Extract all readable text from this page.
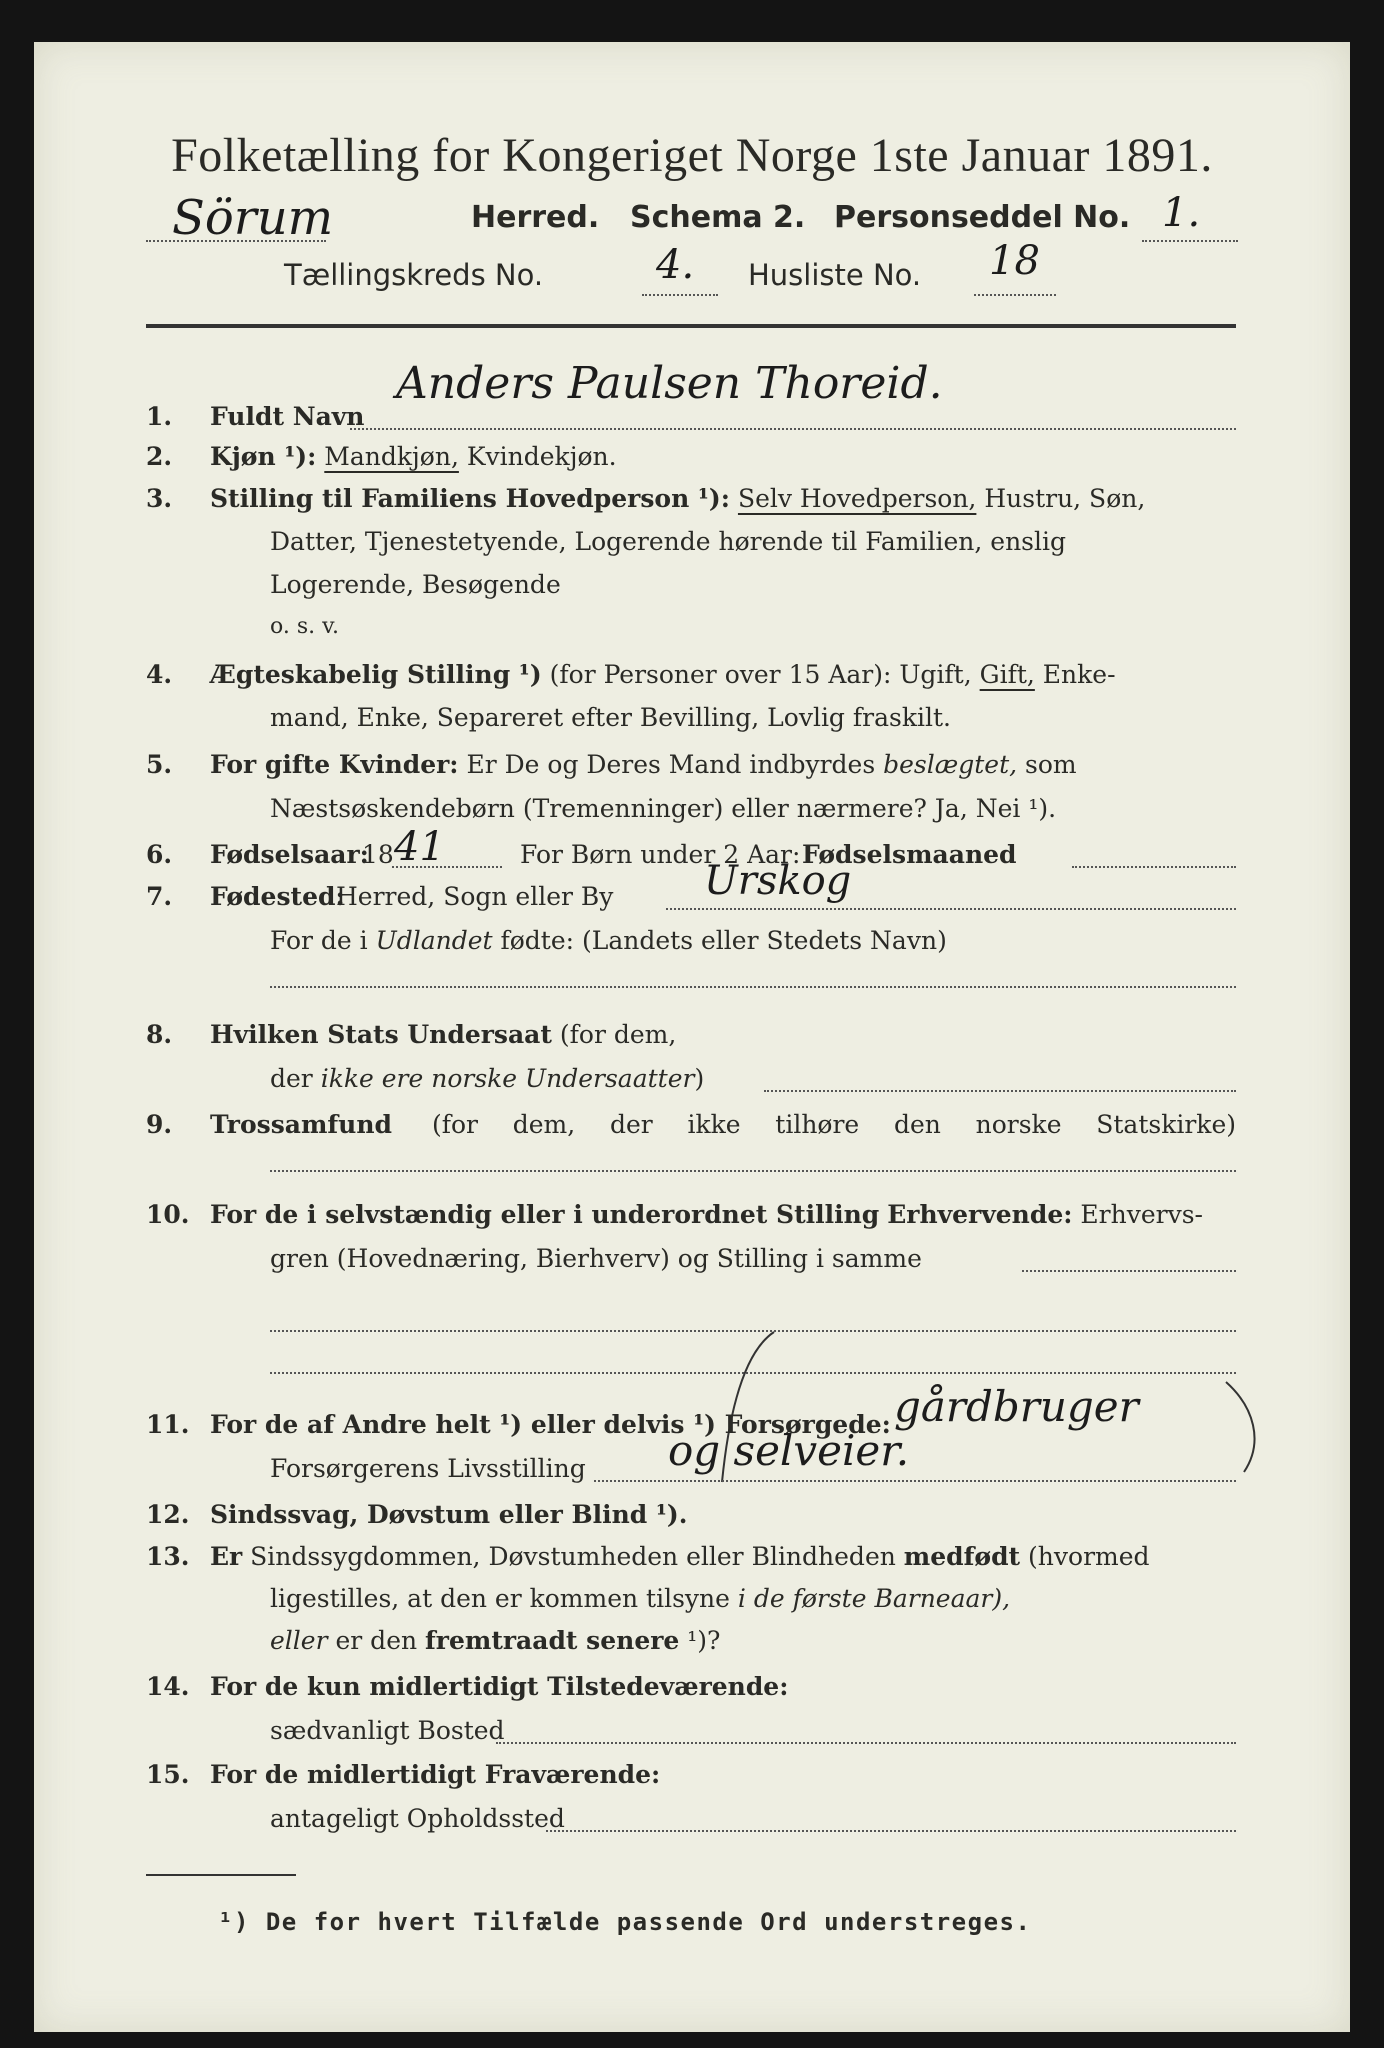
Folketælling for Kongeriget Norge 1ste Januar 1891.
Sörum	Herred. Schema 2. Personseddel No. 1.
Tællingskreds No.	4. Husliste No. 18
1.	Fuldt Navn
Anders Paulsen Thoreid.
2.	Kjøn ¹): Mandkjøn, Kvindekjøn.
3.	Stilling til Familiens Hovedperson ¹): Selv Hovedperson, Hustru, Søn,
Datter, Tjenestetyende, Logerende hørende til Familien, enslig
Logerende, Besøgende
o. s. v.
4.	Ægteskabelig Stilling ¹) (for Personer over 15 Aar): Ugift, Gift, Enke-
mand, Enke, Separeret efter Bevilling, Lovlig fraskilt.
5.	For gifte Kvinder: Er De og Deres Mand indbyrdes beslægtet, som
Næstsøskendebørn (Tremenninger) eller nærmere? Ja, Nei ¹).
6.	Fødselsaar:
18 41	For Børn under 2 Aar: Fødselsmaaned
7.	Fødested:
Herred, Sogn eller By Urskog
For de i Udlandet fødte: (Landets eller Stedets Navn)
8.	Hvilken Stats Undersaat (for dem,
der ikke ere norske Undersaatter)
9.	Trossamfund (for dem, der ikke tilhøre den norske Statskirke)
10. For de i selvstændig eller i underordnet Stilling Erhvervende: Erhvervs-
gren (Hovednæring, Bierhverv) og Stilling i samme
11. For de af Andre helt ¹) eller delvis ¹) Forsørgede: gårdbruger
Forsørgerens Livsstilling og selveier.
12. Sindssvag, Døvstum eller Blind ¹).
13. Er Sindssygdommen, Døvstumheden eller Blindheden medfødt (hvormed
ligestilles, at den er kommen tilsyne i de første Barneaar),
eller er den fremtraadt senere ¹)?
14. For de kun midlertidigt Tilstedeværende:
sædvanligt Bosted
15. For de midlertidigt Fraværende:
antageligt Opholdssted
¹) De for hvert Tilfælde passende Ord understreges.
